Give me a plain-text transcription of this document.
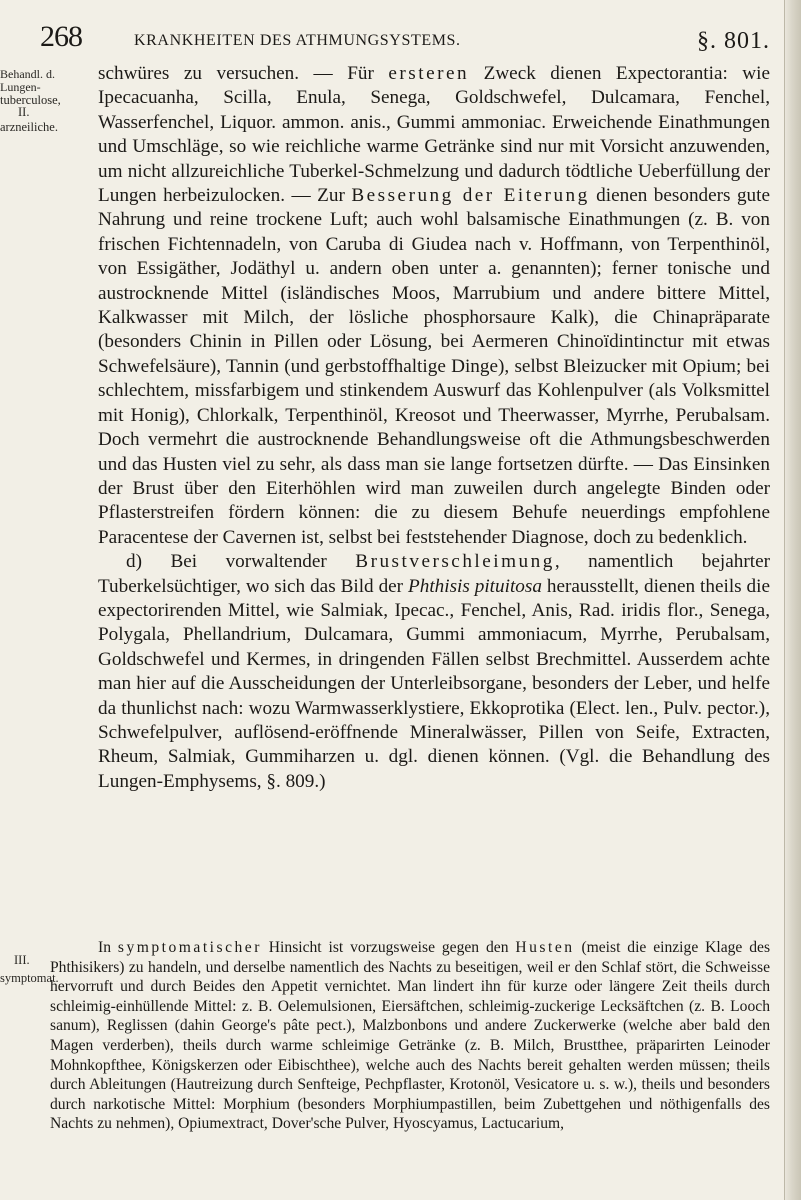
268	KRANKHEITEN DES ATHMUNGSYSTEMS.	§. 801.
Behandl. d.
Lungen-
tuberculose,
II.
arzneiliche.
III.
symptomat.

schwüres zu versuchen. — Für ersteren Zweck dienen Expectorantia: wie Ipecacuanha, Scilla, Enula, Senega, Goldschwefel, Dulcamara, Fenchel, Wasserfenchel, Liquor. ammon. anis., Gummi ammoniac. Erweichende Einathmungen und Umschläge, so wie reichliche warme Getränke sind nur mit Vorsicht anzuwenden, um nicht allzureichliche Tuberkel-Schmelzung und dadurch tödtliche Ueberfüllung der Lungen herbeizulocken. — Zur Besserung der Eiterung dienen besonders gute Nahrung und reine trockene Luft; auch wohl balsamische Einathmungen (z. B. von frischen Fichtennadeln, von Caruba di Giudea nach v. Hoffmann, von Terpenthinöl, von Essigäther, Jodäthyl u. andern oben unter a. genannten); ferner tonische und austrocknende Mittel (isländisches Moos, Marrubium und andere bittere Mittel, Kalkwasser mit Milch, der lösliche phosphorsaure Kalk), die Chinapräparate (besonders Chinin in Pillen oder Lösung, bei Aermeren Chinoïdintinctur mit etwas Schwefelsäure), Tannin (und gerbstoffhaltige Dinge), selbst Bleizucker mit Opium; bei schlechtem, missfarbigem und stinkendem Auswurf das Kohlenpulver (als Volksmittel mit Honig), Chlorkalk, Terpenthinöl, Kreosot und Theerwasser, Myrrhe, Perubalsam. Doch vermehrt die austrocknende Behandlungsweise oft die Athmungsbeschwerden und das Husten viel zu sehr, als dass man sie lange fortsetzen dürfte. — Das Einsinken der Brust über den Eiterhöhlen wird man zuweilen durch angelegte Binden oder Pflasterstreifen fördern können: die zu diesem Behufe neuerdings empfohlene Paracentese der Cavernen ist, selbst bei feststehender Diagnose, doch zu bedenklich.

d) Bei vorwaltender Brustverschleimung, namentlich bejahrter Tuberkelsüchtiger, wo sich das Bild der Phthisis pituitosa herausstellt, dienen theils die expectorirenden Mittel, wie Salmiak, Ipecac., Fenchel, Anis, Rad. iridis flor., Senega, Polygala, Phellandrium, Dulcamara, Gummi ammoniacum, Myrrhe, Perubalsam, Goldschwefel und Kermes, in dringenden Fällen selbst Brechmittel. Ausserdem achte man hier auf die Ausscheidungen der Unterleibsorgane, besonders der Leber, und helfe da thunlichst nach: wozu Warmwasserklystiere, Ekkoprotika (Elect. len., Pulv. pector.), Schwefelpulver, auflösend-eröffnende Mineralwässer, Pillen von Seife, Extracten, Rheum, Salmiak, Gummiharzen u. dgl. dienen können. (Vgl. die Behandlung des Lungen-Emphysems, §. 809.)

In symptomatischer Hinsicht ist vorzugsweise gegen den Husten (meist die einzige Klage des Phthisikers) zu handeln, und derselbe namentlich des Nachts zu beseitigen, weil er den Schlaf stört, die Schweisse hervorruft und durch Beides den Appetit vernichtet. Man lindert ihn für kurze oder längere Zeit theils durch schleimig-einhüllende Mittel: z. B. Oelemulsionen, Eiersäftchen, schleimig-zuckerige Lecksäftchen (z. B. Looch sanum), Reglissen (dahin George's pâte pect.), Malzbonbons und andere Zuckerwerke (welche aber bald den Magen verderben), theils durch warme schleimige Getränke (z. B. Milch, Brustthee, präparirten Leinoder Mohnkopfthee, Königskerzen oder Eibischthee), welche auch des Nachts bereit gehalten werden müssen; theils durch Ableitungen (Hautreizung durch Senfteige, Pechpflaster, Krotonöl, Vesicatore u. s. w.), theils und besonders durch narkotische Mittel: Morphium (besonders Morphiumpastillen, beim Zubettgehen und nöthigenfalls des Nachts zu nehmen), Opiumextract, Dover'sche Pulver, Hyoscyamus, Lactucarium,
